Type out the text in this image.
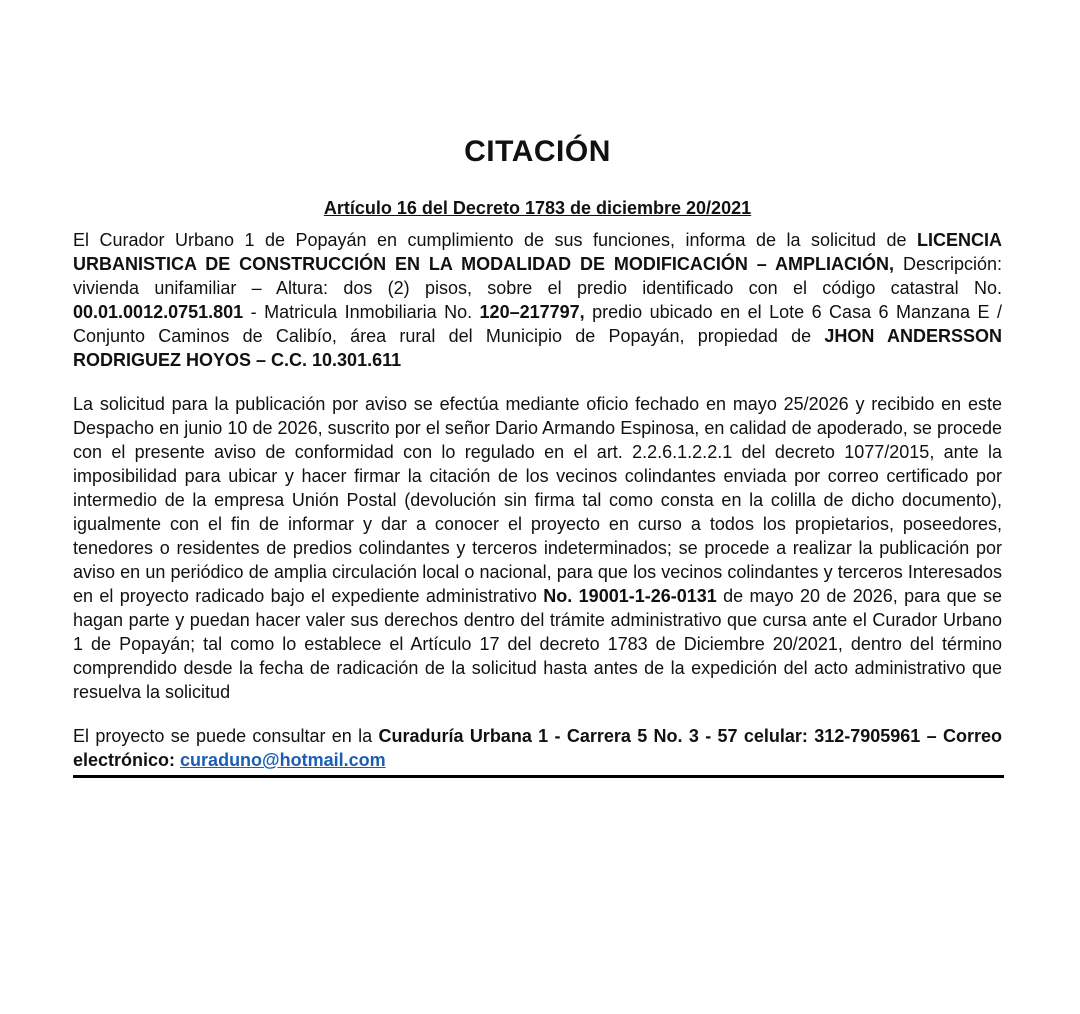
CITACIÓN
Artículo 16 del Decreto 1783 de diciembre 20/2021

El Curador Urbano 1 de Popayán en cumplimiento de sus funciones, informa de la solicitud de LICENCIA URBANISTICA DE CONSTRUCCIÓN EN LA MODALIDAD DE MODIFICACIÓN – AMPLIACIÓN, Descripción: vivienda unifamiliar – Altura: dos (2) pisos, sobre el predio identificado con el código catastral No. 00.01.0012.0751.801 - Matricula Inmobiliaria No. 120–217797, predio ubicado en el Lote 6 Casa 6 Manzana E / Conjunto Caminos de Calibío, área rural del Municipio de Popayán, propiedad de JHON ANDERSSON RODRIGUEZ HOYOS – C.C. 10.301.611

La solicitud para la publicación por aviso se efectúa mediante oficio fechado en mayo 25/2026 y recibido en este Despacho en junio 10 de 2026, suscrito por el señor Dario Armando Espinosa, en calidad de apoderado, se procede con el presente aviso de conformidad con lo regulado en el art. 2.2.6.1.2.2.1 del decreto 1077/2015, ante la imposibilidad para ubicar y hacer firmar la citación de los vecinos colindantes enviada por correo certificado por intermedio de la empresa Unión Postal (devolución sin firma tal como consta en la colilla de dicho documento), igualmente con el fin de informar y dar a conocer el proyecto en curso a todos los propietarios, poseedores, tenedores o residentes de predios colindantes y terceros indeterminados; se procede a realizar la publicación por aviso en un periódico de amplia circulación local o nacional, para que los vecinos colindantes y terceros Interesados en el proyecto radicado bajo el expediente administrativo No. 19001-1-26-0131 de mayo 20 de 2026, para que se hagan parte y puedan hacer valer sus derechos dentro del trámite administrativo que cursa ante el Curador Urbano 1 de Popayán; tal como lo establece el Artículo 17 del decreto 1783 de Diciembre 20/2021, dentro del término comprendido desde la fecha de radicación de la solicitud hasta antes de la expedición del acto administrativo que resuelva la solicitud

El proyecto se puede consultar en la Curaduría Urbana 1 - Carrera 5 No. 3 - 57 celular: 312-7905961 – Correo electrónico: curaduno@hotmail.com
